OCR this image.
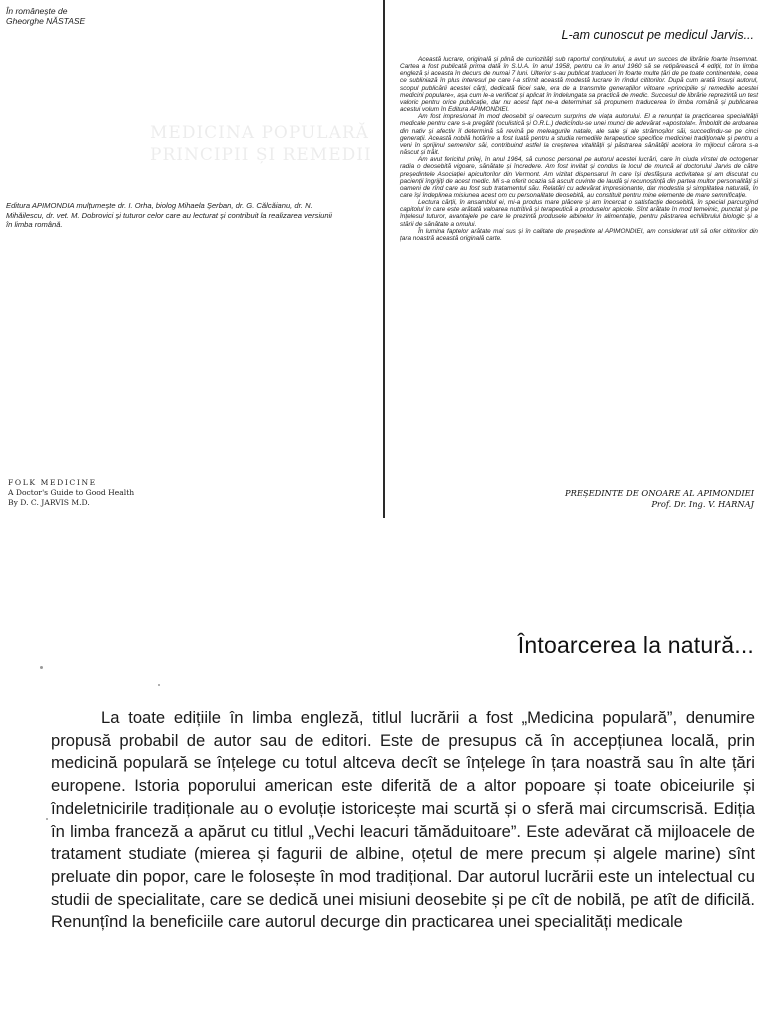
În românește de
Gheorghe NĂSTASE
MEDICINA POPULARĂ
PRINCIPII ȘI REMEDII
Editura APIMONDIA mulțumește dr. I. Orha, biolog Mihaela Șerban, dr. G. Călcăianu, dr. N. Mihăilescu, dr. vet. M. Dobrovici și tuturor celor care au lecturat și contribuit la realizarea versiunii în limba română.
FOLK MEDICINE
A Doctor's Guide to Good Health
By D. C. JARVIS M.D.
L-am cunoscut pe medicul Jarvis...

Această lucrare, originală și plină de curiozități sub raportul conținutului, a avut un succes de librărie foarte însemnat. Cartea a fost publicată prima dată în S.U.A. în anul 1958, pentru ca în anul 1960 să se retipărească 4 ediții, tot în limba engleză și aceasta în decurs de numai 7 luni. Ulterior s-au publicat traduceri în foarte multe țări de pe toate continentele, ceea ce subliniază în plus interesul pe care l-a stîrnit această modestă lucrare în rîndul cititorilor. După cum arată însuși autorul, scopul publicării acestei cărți, dedicată fiicei sale, era de a transmite generațiilor viitoare »principiile și remediile acestei medicini populare«, așa cum le-a verificat și aplicat în îndelungata sa practică de medic. Succesul de librărie reprezintă un test valoric pentru orice publicație, dar nu acest fapt ne-a determinat să propunem traducerea în limba română și publicarea acestui volum în Editura APIMONDIEI.

Am fost impresionat în mod deosebit și oarecum surprins de viața autorului. El a renunțat la practicarea specialității medicale pentru care s-a pregătit (oculistică și O.R.L.) dedicîndu-se unei munci de adevărat »apostolat«. Îmboldit de ardoarea din nativ și afectiv îl determină să revină pe meleagurile natale, ale sale și ale strămoșilor săi, succedîndu-se pe cinci generații. Această nobilă hotărîre a fost luată pentru a studia remediile terapeutice specifice medicinei tradiționale și pentru a veni în sprijinul semenilor săi, contribuind astfel la creșterea vitalității și păstrarea sănătății acelora în mijlocul cărora s-a născut și trăit.

Am avut fericitul prilej, în anul 1964, să cunosc personal pe autorul acestei lucrări, care în ciuda vîrstei de octogenar radia o deosebită vigoare, sănătate și încredere. Am fost invitat și condus la locul de muncă al doctorului Jarvis de către președintele Asociației apicultorilor din Vermont. Am vizitat dispensarul în care își desfășura activitatea și am discutat cu pacienții îngrijiți de acest medic. Mi s-a oferit ocazia să ascult cuvinte de laudă și recunoștință din partea multor personalități și oameni de rînd care au fost sub tratamentul său. Relatări cu adevărat impresionante, dar modestia și simplitatea naturală, în care își îndeplinea misiunea acest om cu personalitate deosebită, au constituit pentru mine elemente de mare semnificație.

Lectura cărții, în ansamblul ei, mi-a produs mare plăcere și am încercat o satisfacție deosebită, în special parcurgînd capitolul în care este arătată valoarea nutritivă și terapeutică a produselor apicole. Sînt arătate în mod temeinic, punctat și pe înțelesul tuturor, avantajele pe care le prezintă produsele albinelor în alimentație, pentru păstrarea echilibrului biologic și a stării de sănătate a omului.

În lumina faptelor arătate mai sus și în calitate de președinte al APIMONDIEI, am considerat util să ofer cititorilor din țara noastră această originală carte.

PREȘEDINTE DE ONOARE AL APIMONDIEI
Prof. Dr. Ing. V. HARNAJ
Întoarcerea la natură...

La toate edițiile în limba engleză, titlul lucrării a fost „Medicina populară”, denumire propusă probabil de autor sau de editori. Este de presupus că în accepțiunea locală, prin medicină populară se înțelege cu totul altceva decît se înțelege în țara noastră sau în alte țări europene. Istoria poporului american este diferită de a altor popoare și toate obiceiurile și îndeletnicirile tradiționale au o evoluție istoricește mai scurtă și o sferă mai circumscrisă. Ediția în limba franceză a apărut cu titlul „Vechi leacuri tămăduitoare”. Este adevărat că mijloacele de tratament studiate (mierea și fagurii de albine, oțetul de mere precum și algele marine) sînt preluate din popor, care le folosește în mod tradițional. Dar autorul lucrării este un intelectual cu studii de specialitate, care se dedică unei misiuni deosebite și pe cît de nobilă, pe atît de dificilă. Renunțînd la beneficiile care autorul decurge din practicarea unei specialități medicale
